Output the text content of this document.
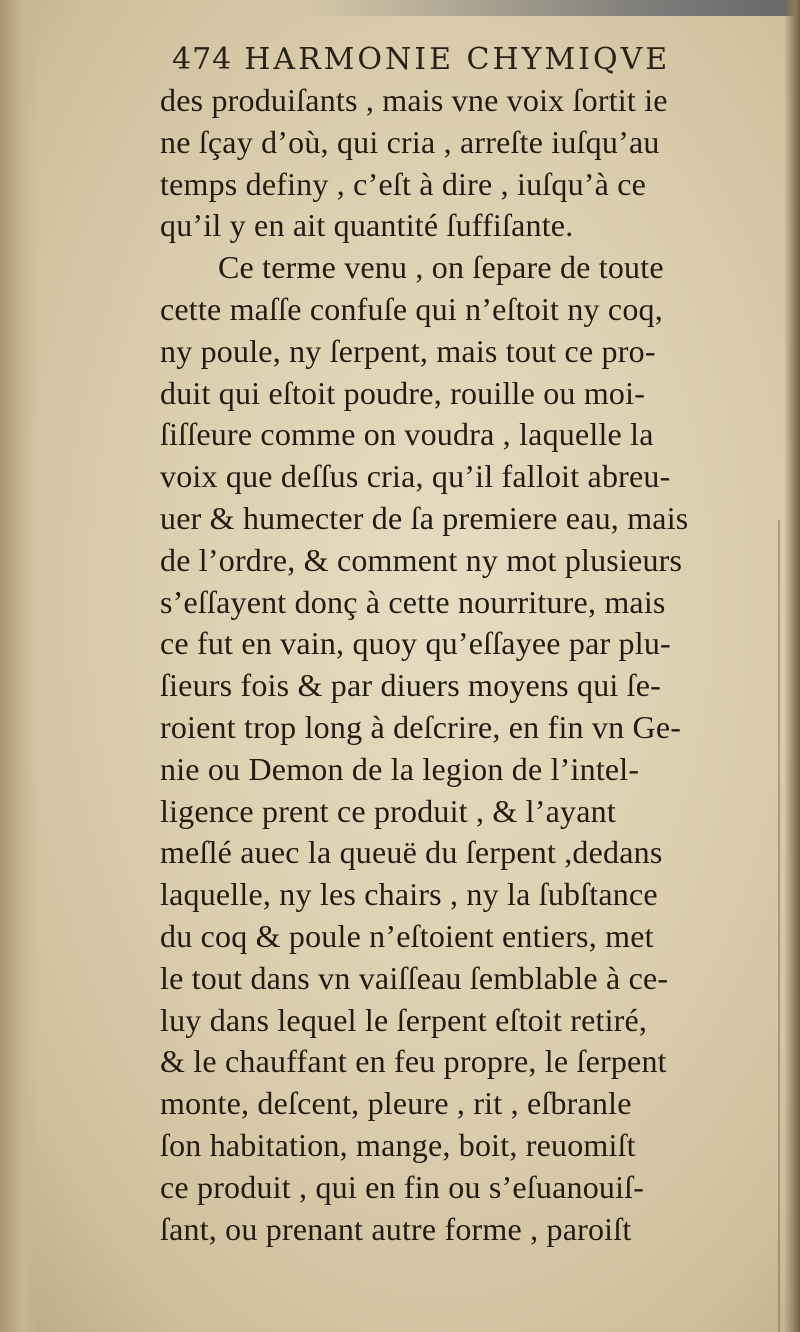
474 HARMONIE CHYMIQVE
des produiſants , mais vne voix ſortit ie
ne ſçay d’où, qui cria , arreſte iuſqu’au
temps definy , c’eſt à dire , iuſqu’à ce
qu’il y en ait quantité ſuffiſante.
Ce terme venu , on ſepare de toute
cette maſſe confuſe qui n’eſtoit ny coq,
ny poule, ny ſerpent, mais tout ce pro-
duit qui eſtoit poudre, rouille ou moi-
ſiſſeure comme on voudra , laquelle la
voix que deſſus cria, qu’il falloit abreu-
uer & humecter de ſa premiere eau, mais
de l’ordre, & comment ny mot plusieurs
s’eſſayent donç à cette nourriture, mais
ce fut en vain, quoy qu’eſſayee par plu-
ſieurs fois & par diuers moyens qui ſe-
roient trop long à deſcrire, en fin vn Ge-
nie ou Demon de la legion de l’intel-
ligence prent ce produit , & l’ayant
meſlé auec la queuë du ſerpent ,dedans
laquelle, ny les chairs , ny la ſubſtance
du coq & poule n’eſtoient entiers, met
le tout dans vn vaiſſeau ſemblable à ce-
luy dans lequel le ſerpent eſtoit retiré,
& le chauffant en feu propre, le ſerpent
monte, deſcent, pleure , rit , eſbranle
ſon habitation, mange, boit, reuomiſt
ce produit , qui en fin ou s’eſuanouiſ-
ſant, ou prenant autre forme , paroiſt
